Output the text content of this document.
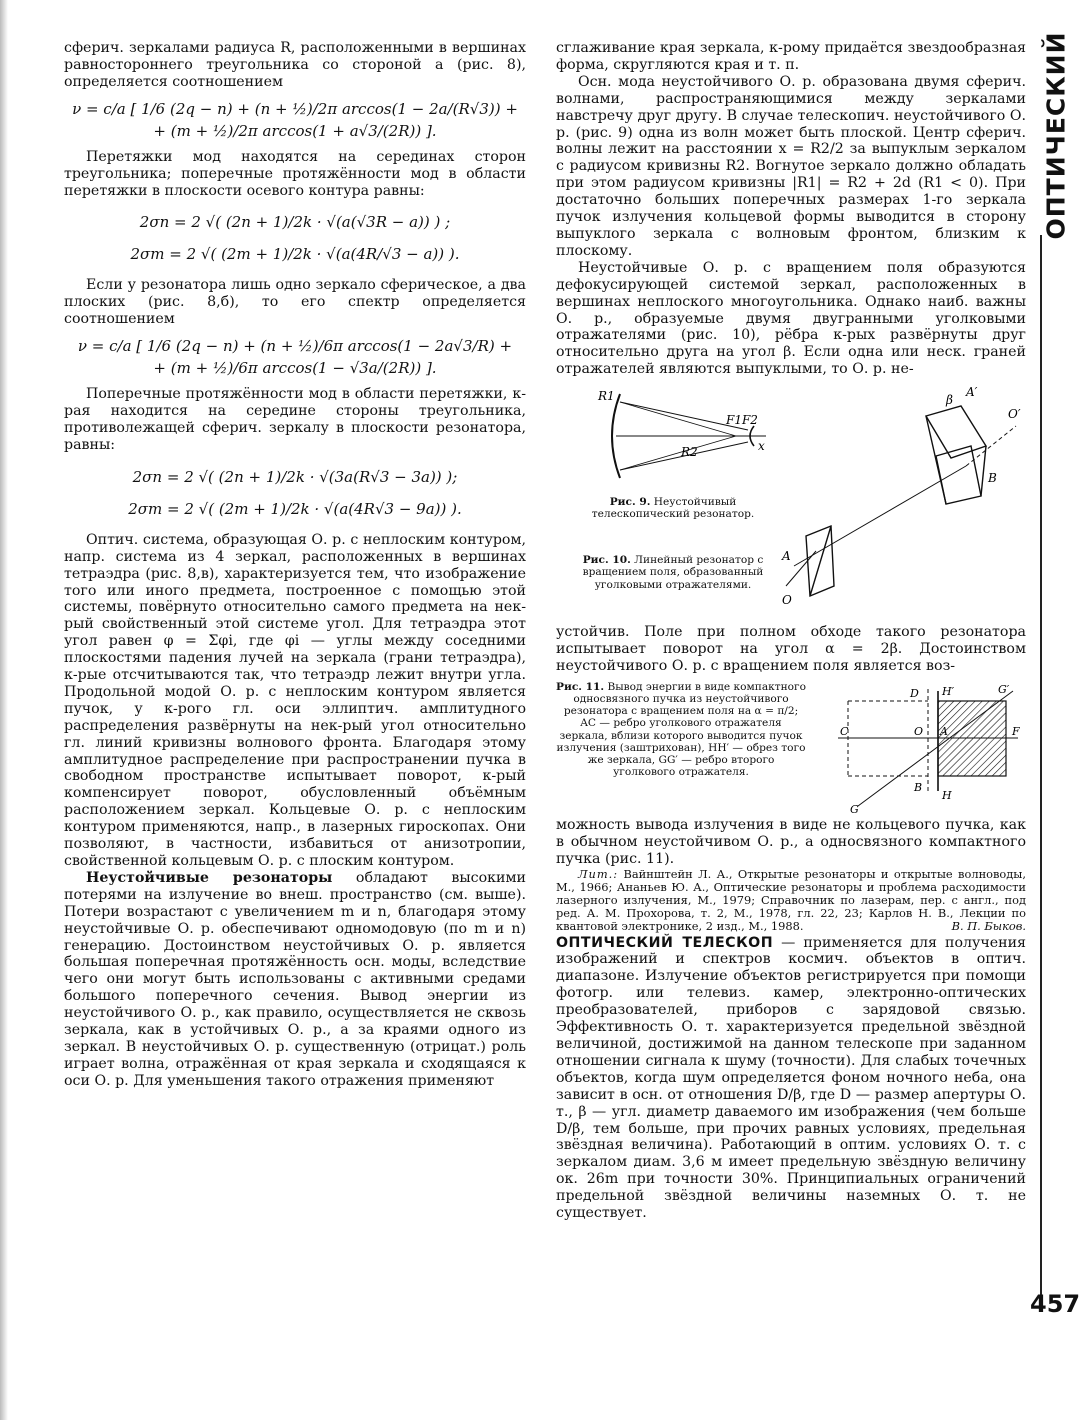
ОПТИЧЕСКИЙ

сферич. зеркалами радиуса R, расположенными в вершинах равностороннего треугольника со стороной a (рис. 8), определяется соотношением

ν = c/a [ 1/6 (2q − n) + (n + ½)/2π arccos(1 − 2a/(R√3)) +
+ (m + ½)/2π arccos(1 + a√3/(2R)) ].

Перетяжки мод находятся на серединах сторон треугольника; поперечные протяжённости мод в области перетяжки в плоскости осевого контура равны:

2σn = 2 √( (2n + 1)/2k · √(a(√3R − a)) ) ;
2σm = 2 √( (2m + 1)/2k · √(a(4R/√3 − a)) ).

Если у резонатора лишь одно зеркало сферическое, а два плоских (рис. 8,б), то его спектр определяется соотношением

ν = c/a [ 1/6 (2q − n) + (n + ½)/6π arccos(1 − 2a√3/R) +
+ (m + ½)/6π arccos(1 − √3a/(2R)) ].

Поперечные протяжённости мод в области перетяжки, к-рая находится на середине стороны треугольника, противолежащей сферич. зеркалу в плоскости резонатора, равны:

2σn = 2 √( (2n + 1)/2k · √(3a(R√3 − 3a)) );
2σm = 2 √( (2m + 1)/2k · √(a(4R√3 − 9a)) ).

Оптич. система, образующая О. р. с неплоским контуром, напр. система из 4 зеркал, расположенных в вершинах тетраэдра (рис. 8,в), характеризуется тем, что изображение того или иного предмета, построенное с помощью этой системы, повёрнуто относительно самого предмета на нек-рый свойственный этой системе угол. Для тетраэдра этот угол равен φ = Σφi, где φi — углы между соседними плоскостями падения лучей на зеркала (грани тетраэдра), к-рые отсчитываются так, что тетраэдр лежит внутри угла. Продольной модой О. р. с неплоским контуром является пучок, у к-рого гл. оси эллиптич. амплитудного распределения развёрнуты на нек-рый угол относительно гл. линий кривизны волнового фронта. Благодаря этому амплитудное распределение при распространении пучка в свободном пространстве испытывает поворот, к-рый компенсирует поворот, обусловленный объёмным расположением зеркал. Кольцевые О. р. с неплоским контуром применяются, напр., в лазерных гироскопах. Они позволяют, в частности, избавиться от анизотропии, свойственной кольцевым О. р. с плоским контуром.

Неустойчивые резонаторы обладают высокими потерями на излучение во внеш. пространство (см. выше). Потери возрастают с увеличением m и n, благодаря этому неустойчивые О. р. обеспечивают одномодовую (по m и n) генерацию. Достоинством неустойчивых О. р. является большая поперечная протяжённость осн. моды, вследствие чего они могут быть использованы с активными средами большого поперечного сечения. Вывод энергии из неустойчивого О. р., как правило, осуществляется не сквозь зеркала, как в устойчивых О. р., а за краями одного из зеркал. В неустойчивых О. р. существенную (отрицат.) роль играет волна, отражённая от края зеркала и сходящаяся к оси О. р. Для уменьшения такого отражения применяют

сглаживание края зеркала, к-рому придаётся звездообразная форма, скругляются края и т. п.

Осн. мода неустойчивого О. р. образована двумя сферич. волнами, распространяющимися между зеркалами навстречу друг другу. В случае телескопич. неустойчивого О. р. (рис. 9) одна из волн может быть плоской. Центр сферич. волны лежит на расстоянии x = R2/2 за выпуклым зеркалом с радиусом кривизны R2. Вогнутое зеркало должно обладать при этом радиусом кривизны |R1| = R2 + 2d (R1 < 0). При достаточно больших поперечных размерах 1-го зеркала пучок излучения кольцевой формы выводится в сторону выпуклого зеркала с волновым фронтом, близким к плоскому.

Неустойчивые О. р. с вращением поля образуются дефокусирующей системой зеркал, расположенных в вершинах неплоского многоугольника. Однако наиб. важны О. р., образуемые двумя двугранными уголковыми отражателями (рис. 10), рёбра к-рых развёрнуты друг относительно друга на угол β. Если одна или неск. граней отражателей являются выпуклыми, то О. р. не-

R1
F1F2
R2	x
Рис. 9. Неустойчивый телескопический резонатор.
Рис. 10. Линейный резонатор с вращением поля, образованный уголковыми отражателями.
β
A′
O′
B
A
O

устойчив. Поле при полном обходе такого резонатора испытывает поворот на угол α = 2β. Достоинством неустойчивого О. р. с вращением поля является воз-

Рис. 11. Вывод энергии в виде компактного односвязного пучка из неустойчивого резонатора с вращением поля на α = π/2; AC — ребро уголкового отражателя зеркала, вблизи которого выводится пучок излучения (заштрихован), HH′ — обрез того же зеркала, GG′ — ребро второго уголкового отражателя.
D H′	G′
C	O A	F
B
H
G

можность вывода излучения в виде не кольцевого пучка, как в обычном неустойчивом О. р., а односвязного компактного пучка (рис. 11).

Лит.: Вайнштейн Л. А., Открытые резонаторы и открытые волноводы, М., 1966; Ананьев Ю. А., Оптические резонаторы и проблема расходимости лазерного излучения, М., 1979; Справочник по лазерам, пер. с англ., под ред. А. М. Прохорова, т. 2, М., 1978, гл. 22, 23; Карлов Н. В., Лекции по квантовой электронике, 2 изд., М., 1988.	В. П. Быков.

ОПТИЧЕСКИЙ ТЕЛЕСКОП — применяется для получения изображений и спектров космич. объектов в оптич. диапазоне. Излучение объектов регистрируется при помощи фотогр. или телевиз. камер, электронно-оптических преобразователей, приборов с зарядовой связью. Эффективность О. т. характеризуется предельной звёздной величиной, достижимой на данном телескопе при заданном отношении сигнала к шуму (точности). Для слабых точечных объектов, когда шум определяется фоном ночного неба, она зависит в осн. от отношения D/β, где D — размер апертуры О. т., β — угл. диаметр даваемого им изображения (чем больше D/β, тем больше, при прочих равных условиях, предельная звёздная величина). Работающий в оптим. условиях О. т. с зеркалом диам. 3,6 м имеет предельную звёздную величину ок. 26m при точности 30%. Принципиальных ограничений предельной звёздной величины наземных О. т. не существует.

457
